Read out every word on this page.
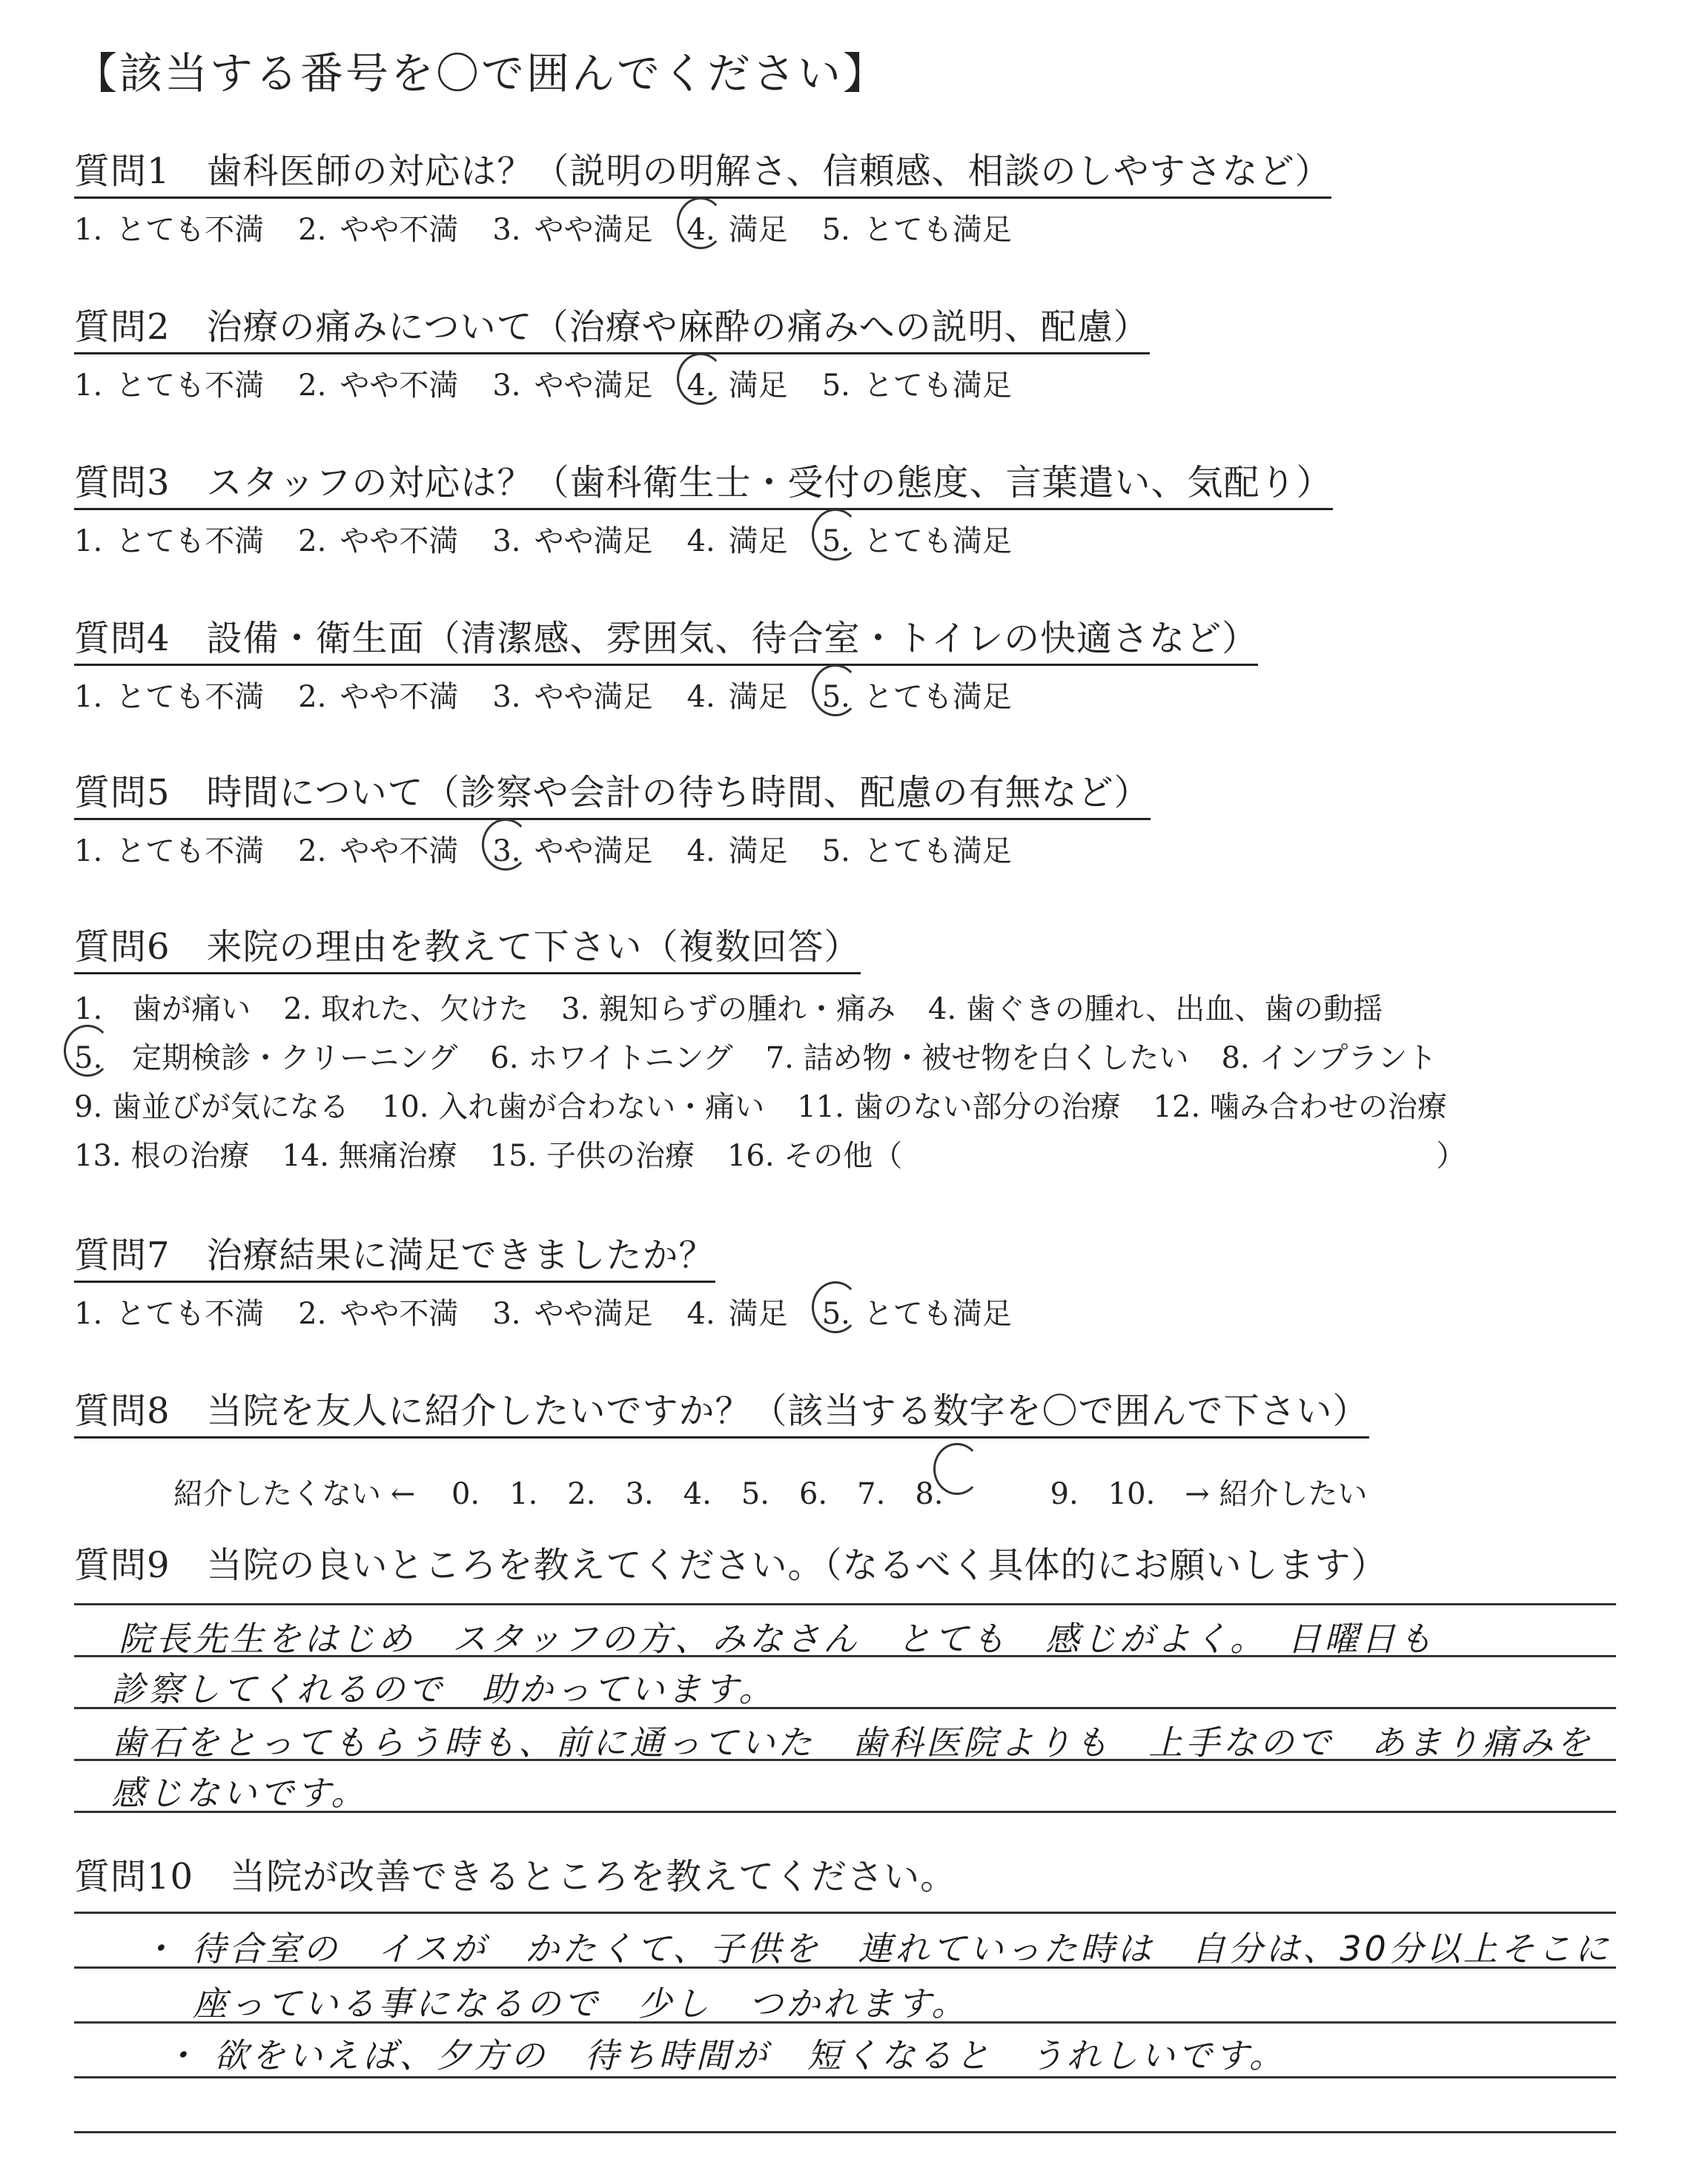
【該当する番号を〇で囲んでください】
質問1　歯科医師の対応は？（説明の明解さ、信頼感、相談のしやすさなど）
1. とても不満 2. やや不満 3. やや満足 4. 満足 5. とても満足
質問2　治療の痛みについて（治療や麻酔の痛みへの説明、配慮）
1. とても不満 2. やや不満 3. やや満足 4. 満足 5. とても満足
質問3　スタッフの対応は？（歯科衛生士・受付の態度、言葉遣い、気配り）
1. とても不満 2. やや不満 3. やや満足 4. 満足 5. とても満足
質問4　設備・衛生面（清潔感、雰囲気、待合室・トイレの快適さなど）
1. とても不満 2. やや不満 3. やや満足 4. 満足 5. とても満足
質問5　時間について（診察や会計の待ち時間、配慮の有無など）
1. とても不満 2. やや不満 3. やや満足 4. 満足 5. とても満足
質問6　来院の理由を教えて下さい（複数回答）
1.　歯が痛い 2. 取れた、欠けた 3. 親知らずの腫れ・痛み 4. 歯ぐきの腫れ、出血、歯の動揺
5.　定期検診・クリーニング 6. ホワイトニング 7. 詰め物・被せ物を白くしたい 8. インプラント
9. 歯並びが気になる 10. 入れ歯が合わない・痛い 11. 歯のない部分の治療 12. 噛み合わせの治療
13. 根の治療 14. 無痛治療 15. 子供の治療 16. その他（　　　　　　　　　　　　　　　　　　）
質問7　治療結果に満足できましたか？
1. とても不満 2. やや不満 3. やや満足 4. 満足 5. とても満足
質問8　当院を友人に紹介したいですか？（該当する数字を〇で囲んで下さい）
紹介したくない ← 0. 1. 2. 3. 4. 5. 6. 7. 8.	9. 10. → 紹介したい
質問9　当院の良いところを教えてください。（なるべく具体的にお願いします）
院長先生をはじめ　スタッフの方、みなさん　とても　感じがよく。　日曜日も
診察してくれるので　助かっています。
歯石をとってもらう時も、前に通っていた　歯科医院よりも　上手なので　あまり痛みを
感じないです。
質問10　当院が改善できるところを教えてください。
・ 待合室の　イスが　かたくて、子供を　連れていった時は　自分は、30分以上そこに
座っている事になるので　少し　つかれます。
・ 欲をいえば、夕方の　待ち時間が　短くなると　うれしいです。
